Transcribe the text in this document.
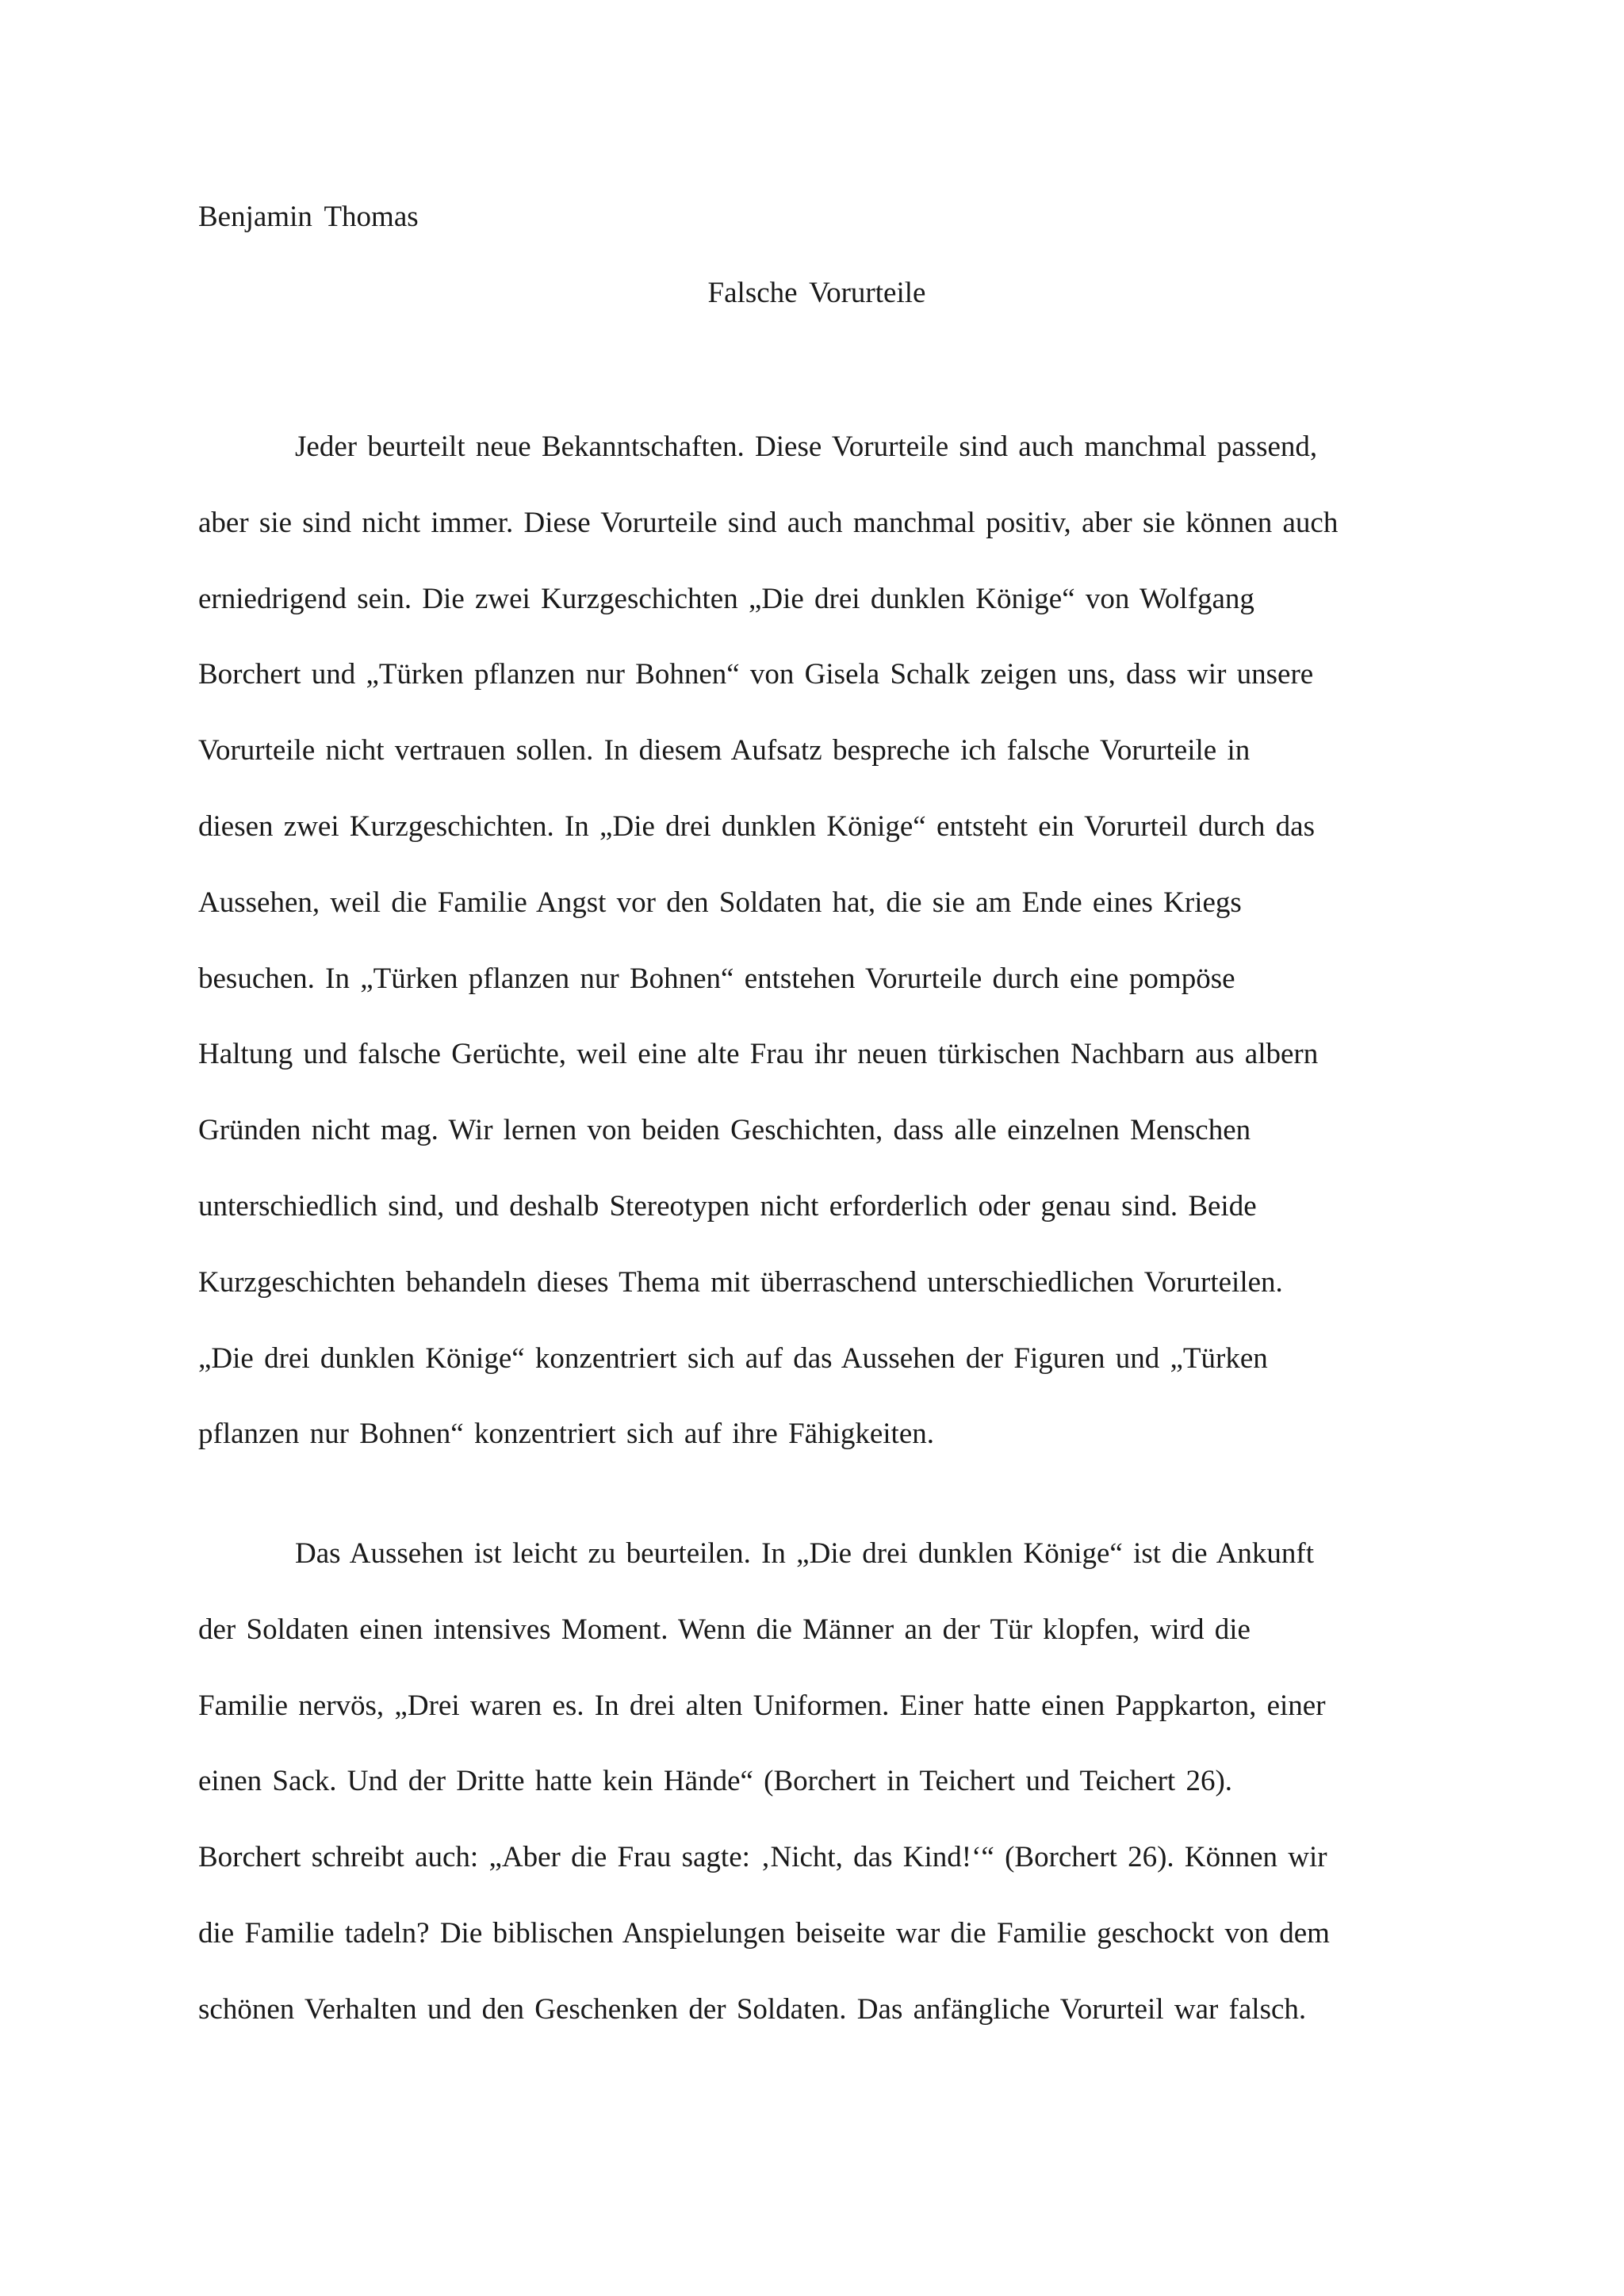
Benjamin Thomas

Falsche Vorurteile
Jeder beurteilt neue Bekanntschaften. Diese Vorurteile sind auch manchmal passend,
aber sie sind nicht immer. Diese Vorurteile sind auch manchmal positiv, aber sie können auch
erniedrigend sein. Die zwei Kurzgeschichten „Die drei dunklen Könige“ von Wolfgang
Borchert und „Türken pflanzen nur Bohnen“ von Gisela Schalk zeigen uns, dass wir unsere
Vorurteile nicht vertrauen sollen. In diesem Aufsatz bespreche ich falsche Vorurteile in
diesen zwei Kurzgeschichten. In „Die drei dunklen Könige“ entsteht ein Vorurteil durch das
Aussehen, weil die Familie Angst vor den Soldaten hat, die sie am Ende eines Kriegs
besuchen. In „Türken pflanzen nur Bohnen“ entstehen Vorurteile durch eine pompöse
Haltung und falsche Gerüchte, weil eine alte Frau ihr neuen türkischen Nachbarn aus albern
Gründen nicht mag. Wir lernen von beiden Geschichten, dass alle einzelnen Menschen
unterschiedlich sind, und deshalb Stereotypen nicht erforderlich oder genau sind. Beide
Kurzgeschichten behandeln dieses Thema mit überraschend unterschiedlichen Vorurteilen.
„Die drei dunklen Könige“ konzentriert sich auf das Aussehen der Figuren und „Türken
pflanzen nur Bohnen“ konzentriert sich auf ihre Fähigkeiten.
Das Aussehen ist leicht zu beurteilen. In „Die drei dunklen Könige“ ist die Ankunft
der Soldaten einen intensives Moment. Wenn die Männer an der Tür klopfen, wird die
Familie nervös, „Drei waren es. In drei alten Uniformen. Einer hatte einen Pappkarton, einer
einen Sack. Und der Dritte hatte kein Hände“ (Borchert in Teichert und Teichert 26).
Borchert schreibt auch: „Aber die Frau sagte: ‚Nicht, das Kind!‘“ (Borchert 26). Können wir
die Familie tadeln? Die biblischen Anspielungen beiseite war die Familie geschockt von dem
schönen Verhalten und den Geschenken der Soldaten. Das anfängliche Vorurteil war falsch.
